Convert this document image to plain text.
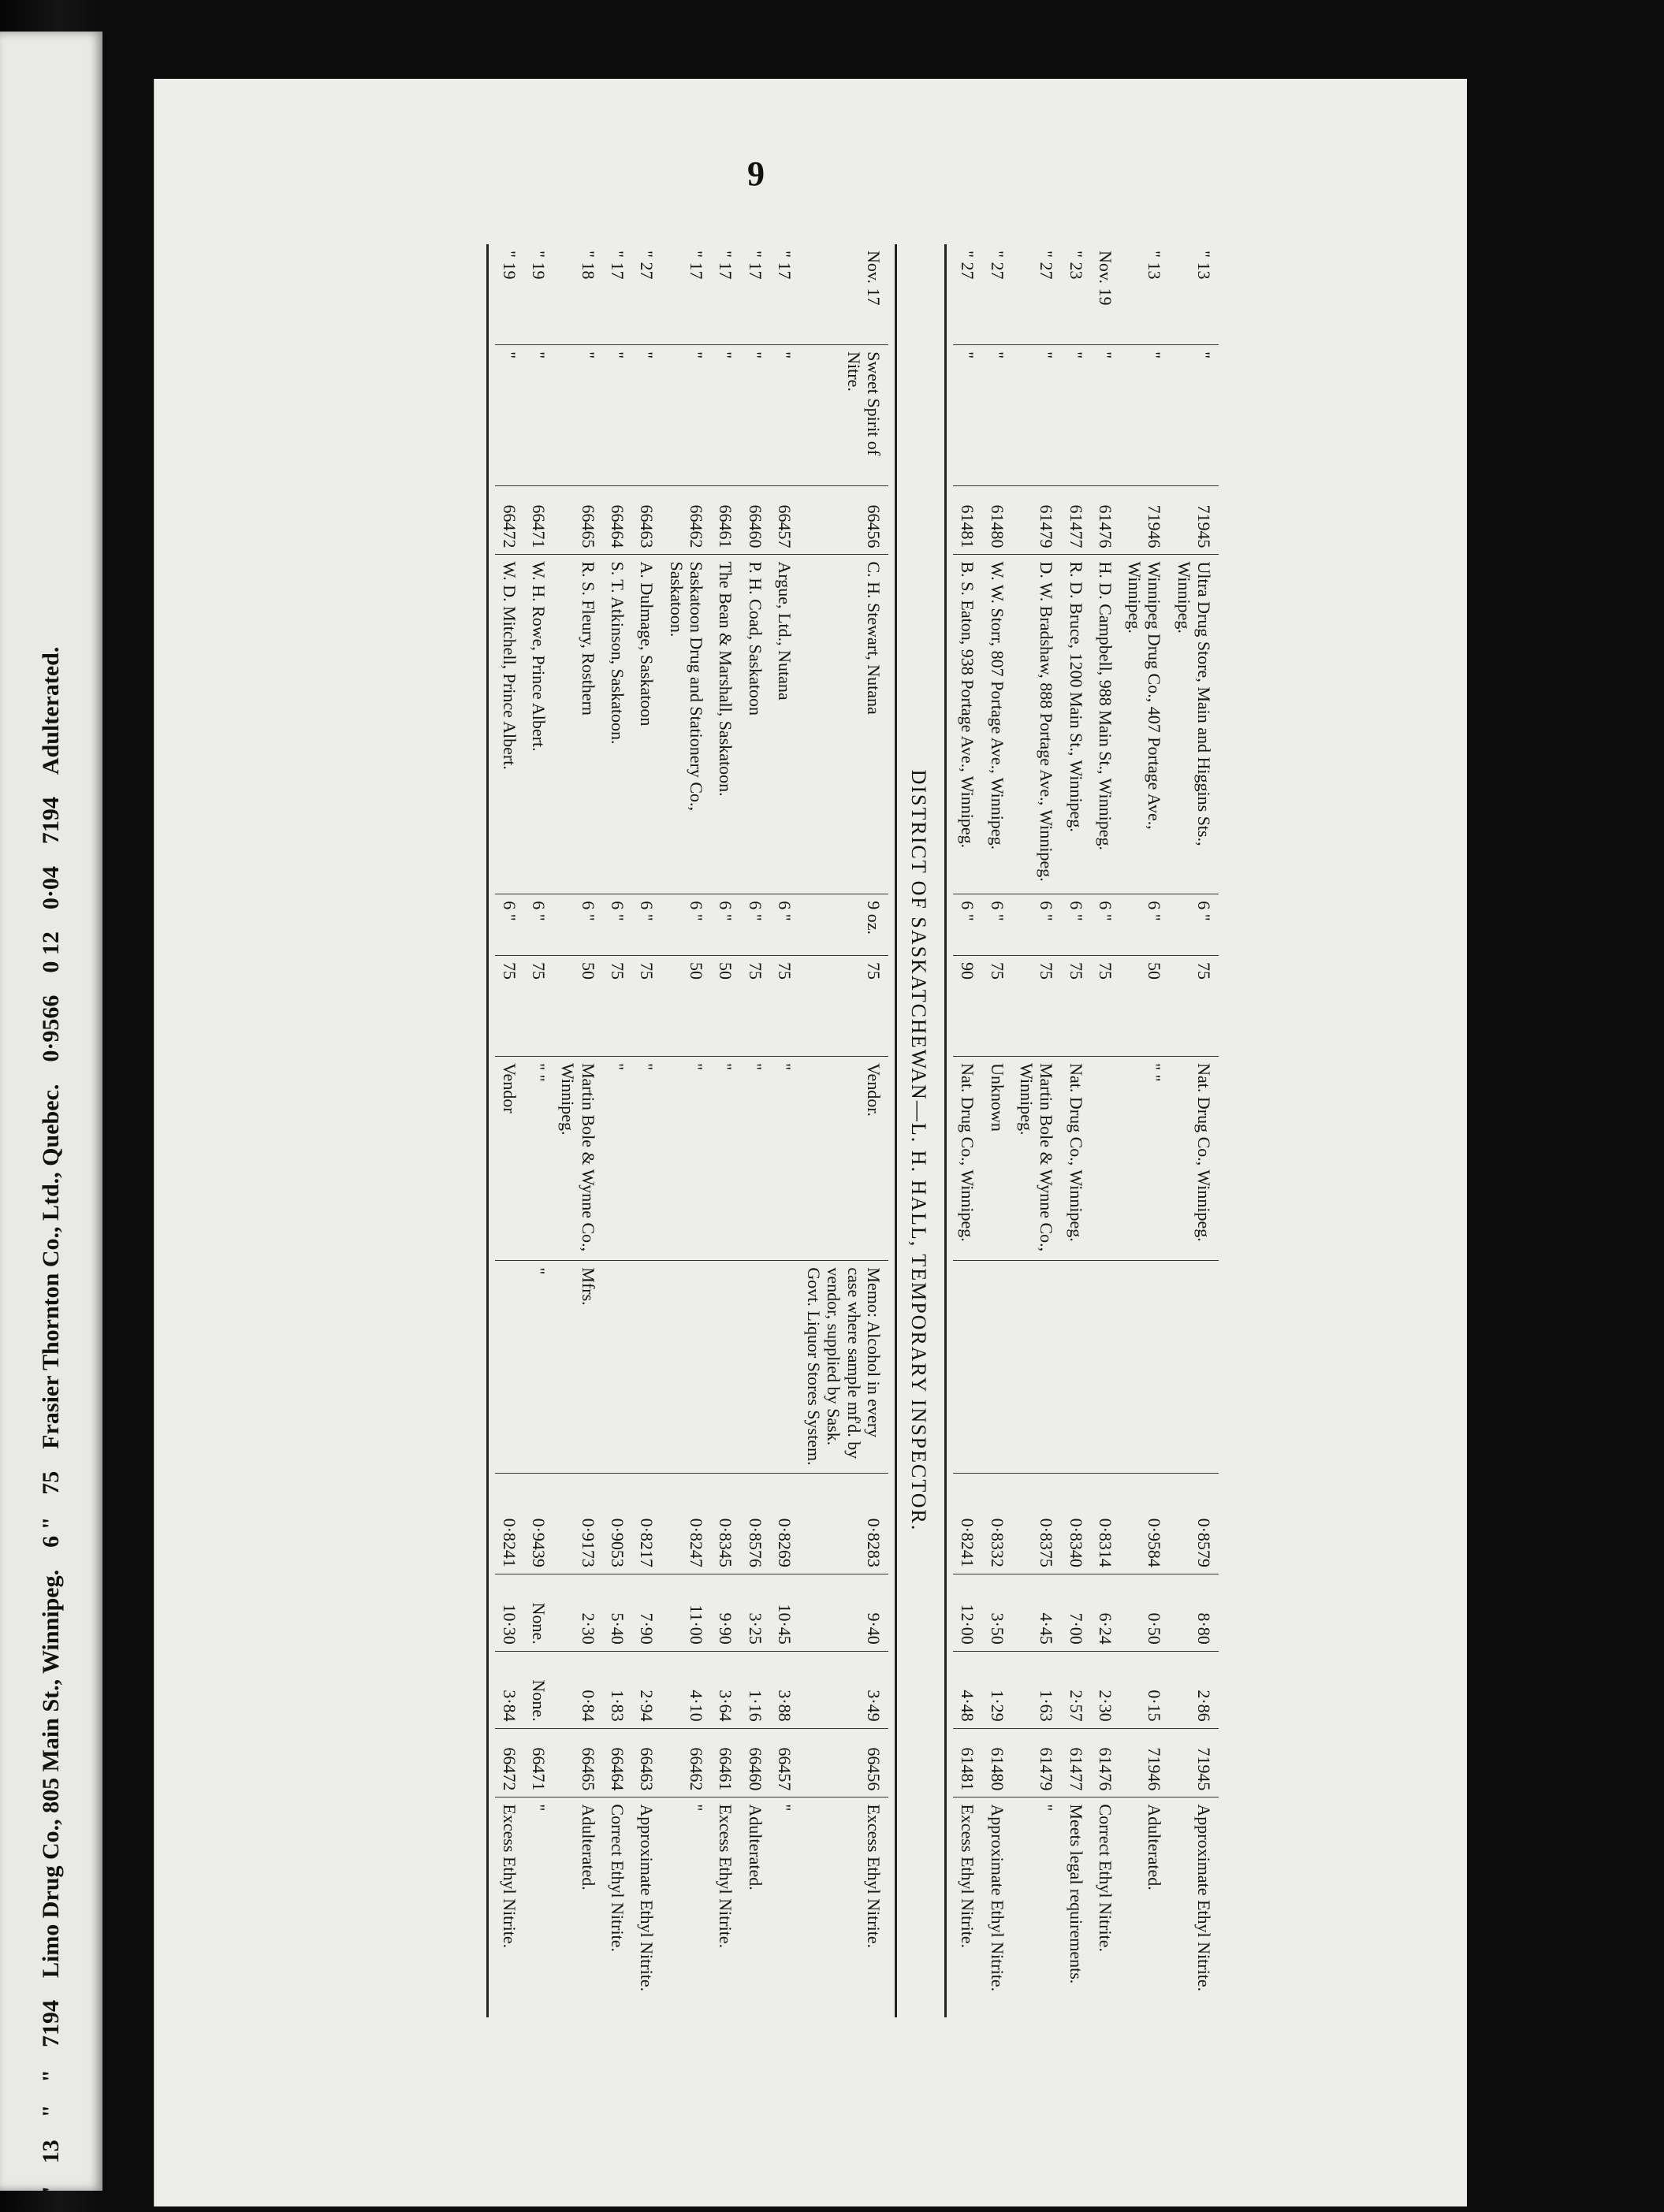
"
13
"
"
7194
Limo Drug Co., 805 Main St., Winnipeg.
6 "
75
Frasier Thornton Co., Ltd., Quebec.
0·9566
0 12
0·04
7194
Adulterated.
9
" 13	"	71945	Ultra Drug Store, Main and Higgins Sts., Winnipeg.	6 "	75	Nat. Drug Co., Winnipeg.		0·8579	8·80	2·86	71945	Approximate Ethyl Nitrite.
" 13	"	71946	Winnipeg Drug Co., 407 Portage Ave., Winnipeg.	6 "	50	" "		0·9584	0·50	0·15	71946	Adulterated.
Nov. 19	"	61476	H. D. Campbell, 988 Main St., Winnipeg.	6 "	75			0·8314	6·24	2·30	61476	Correct Ethyl Nitrite.
" 23	"	61477	R. D. Bruce, 1200 Main St., Winnipeg.	6 "	75	Nat. Drug Co., Winnipeg.		0·8340	7·00	2·57	61477	Meets legal requirements.
" 27	"	61479	D. W. Bradshaw, 888 Portage Ave., Winnipeg.	6 "	75	Martin Bole & Wynne Co., Winnipeg.		0·8375	4·45	1·63	61479	"
" 27	"	61480	W. W. Storr, 807 Portage Ave., Winnipeg.	6 "	75	Unknown		0·8332	3·50	1·29	61480	Approximate Ethyl Nitrite.
" 27	"	61481	B. S. Eaton, 938 Portage Ave., Winnipeg.	6 "	90	Nat. Drug Co., Winnipeg.		0·8241	12·00	4·48	61481	Excess Ethyl Nitrite.
DISTRICT OF SASKATCHEWAN—L. H. HALL, TEMPORARY INSPECTOR.
Nov. 17	Sweet Spirit of Nitre.	66456	C. H. Stewart, Nutana	9 oz.	75	Vendor.	Memo: Alcohol in every case where sample mf'd. by vendor, supplied by Sask. Govt. Liquor Stores System.	0·8283	9·40	3·49	66456	Excess Ethyl Nitrite.
" 17	"	66457	Argue, Ltd., Nutana	6 "	75	"		0·8269	10·45	3·88	66457	"
" 17	"	66460	P. H. Coad, Saskatoon	6 "	75	"		0·8576	3·25	1·16	66460	Adulterated.
" 17	"	66461	The Bean & Marshall, Saskatoon.	6 "	50	"		0·8345	9·90	3·64	66461	Excess Ethyl Nitrite.
" 17	"	66462	Saskatoon Drug and Stationery Co., Saskatoon.	6 "	50	"		0·8247	11·00	4·10	66462	"
" 27	"	66463	A. Dulmage, Saskatoon	6 "	75	"		0·8217	7·90	2·94	66463	Approximate Ethyl Nitrite.
" 17	"	66464	S. T. Atkinson, Saskatoon.	6 "	75	"		0·9053	5·40	1·83	66464	Correct Ethyl Nitrite.
" 18	"	66465	R. S. Fleury, Rosthern	6 "	50	Martin Bole & Wynne Co., Winnipeg.	Mfrs.	0·9173	2·30	0·84	66465	Adulterated.
" 19	"	66471	W. H. Rowe, Prince Albert.	6 "	75	" "	"	0·9439	None.	None.	66471	"
" 19	"	66472	W. D. Mitchell, Prince Albert.	6 "	75	Vendor		0·8241	10·30	3·84	66472	Excess Ethyl Nitrite.
